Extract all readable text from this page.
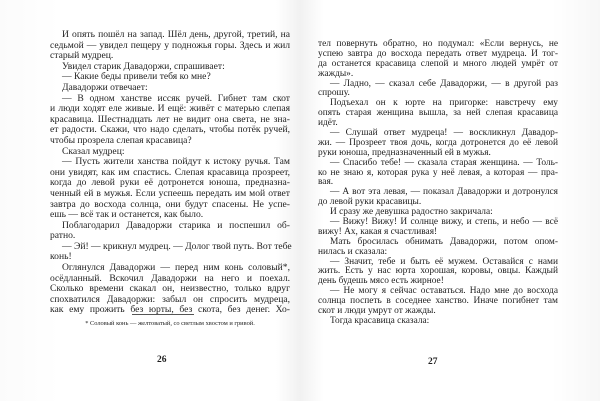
И опять пошёл на запад. Шёл день, другой, третий, на
седьмой — увидел пещеру у подножья горы. Здесь и жил
старый мудрец.
Увидел старик Давадоржи, спрашивает:
— Какие беды привели тебя ко мне?
Давадоржи отвечает:
— В одном ханстве иссяк ручей. Гибнет там скот
и люди ходят еле живые. И ещё: живёт с матерью слепая
красавица. Шестнадцать лет не видит она света, не зна-
ет радости. Скажи, что надо сделать, чтобы потёк ручей,
чтобы прозрела слепая красавица?
Сказал мудрец:
— Пусть жители ханства пойдут к истоку ручья. Там
они увидят, как им спастись. Слепая красавица прозреет,
когда до левой руки её дотронется юноша, предназна-
ченный ей в мужья. Если успеешь передать им мой ответ
завтра до восхода солнца, они будут спасены. Не успе-
ешь — всё так и останется, как было.
Поблагодарил Давадоржи старика и поспешил об-
ратно.
— Эй! — крикнул мудрец. — Долог твой путь. Вот тебе
конь!
Оглянулся Давадоржи — перед ним конь соловый*,
осёдланный. Вскочил Давадоржи на него и поехал.
Сколько времени скакал он, неизвестно, только вдруг
спохватился Давадоржи: забыл он спросить мудреца,
как ему прожить без юрты, без скота, без денег. Хо-
тел повернуть обратно, но подумал: «Если вернусь, не
успею завтра до восхода передать ответ мудреца. И тог-
да останется красавица слепой и много людей умрёт от
жажды».
— Ладно, — сказал себе Давадоржи, — в другой раз
спрошу.
Подъехал он к юрте на пригорке: навстречу ему
опять старая женщина вышла, за ней слепая красавица
идёт.
— Слушай ответ мудреца! — воскликнул Давадор-
жи. — Прозреет твоя дочь, когда дотронется до её левой
руки юноша, предназначенный ей в мужья.
— Спасибо тебе! — сказала старая женщина. — Толь-
ко не знаю я, которая рука у неё левая, а которая — пра-
вая.
— А вот эта левая, — показал Давадоржи и дотронулся
до левой руки красавицы.
И сразу же девушка радостно закричала:
— Вижу! Вижу! И солнце вижу, и степь, и небо — всё
вижу! Ах, какая я счастливая!
Мать бросилась обнимать Давадоржи, потом опом-
нилась и сказала:
— Значит, тебе и быть её мужем. Оставайся с нами
жить. Есть у нас юрта хорошая, коровы, овцы. Каждый
день будешь мясо есть жирное!
— Не могу я сейчас оставаться. Надо мне до восхода
солнца поспеть в соседнее ханство. Иначе погибнет там
скот и люди умрут от жажды.
Тогда красавица сказала:
* Соловый конь — желтоватый, со светлым хвостом и гривой.
26	27
